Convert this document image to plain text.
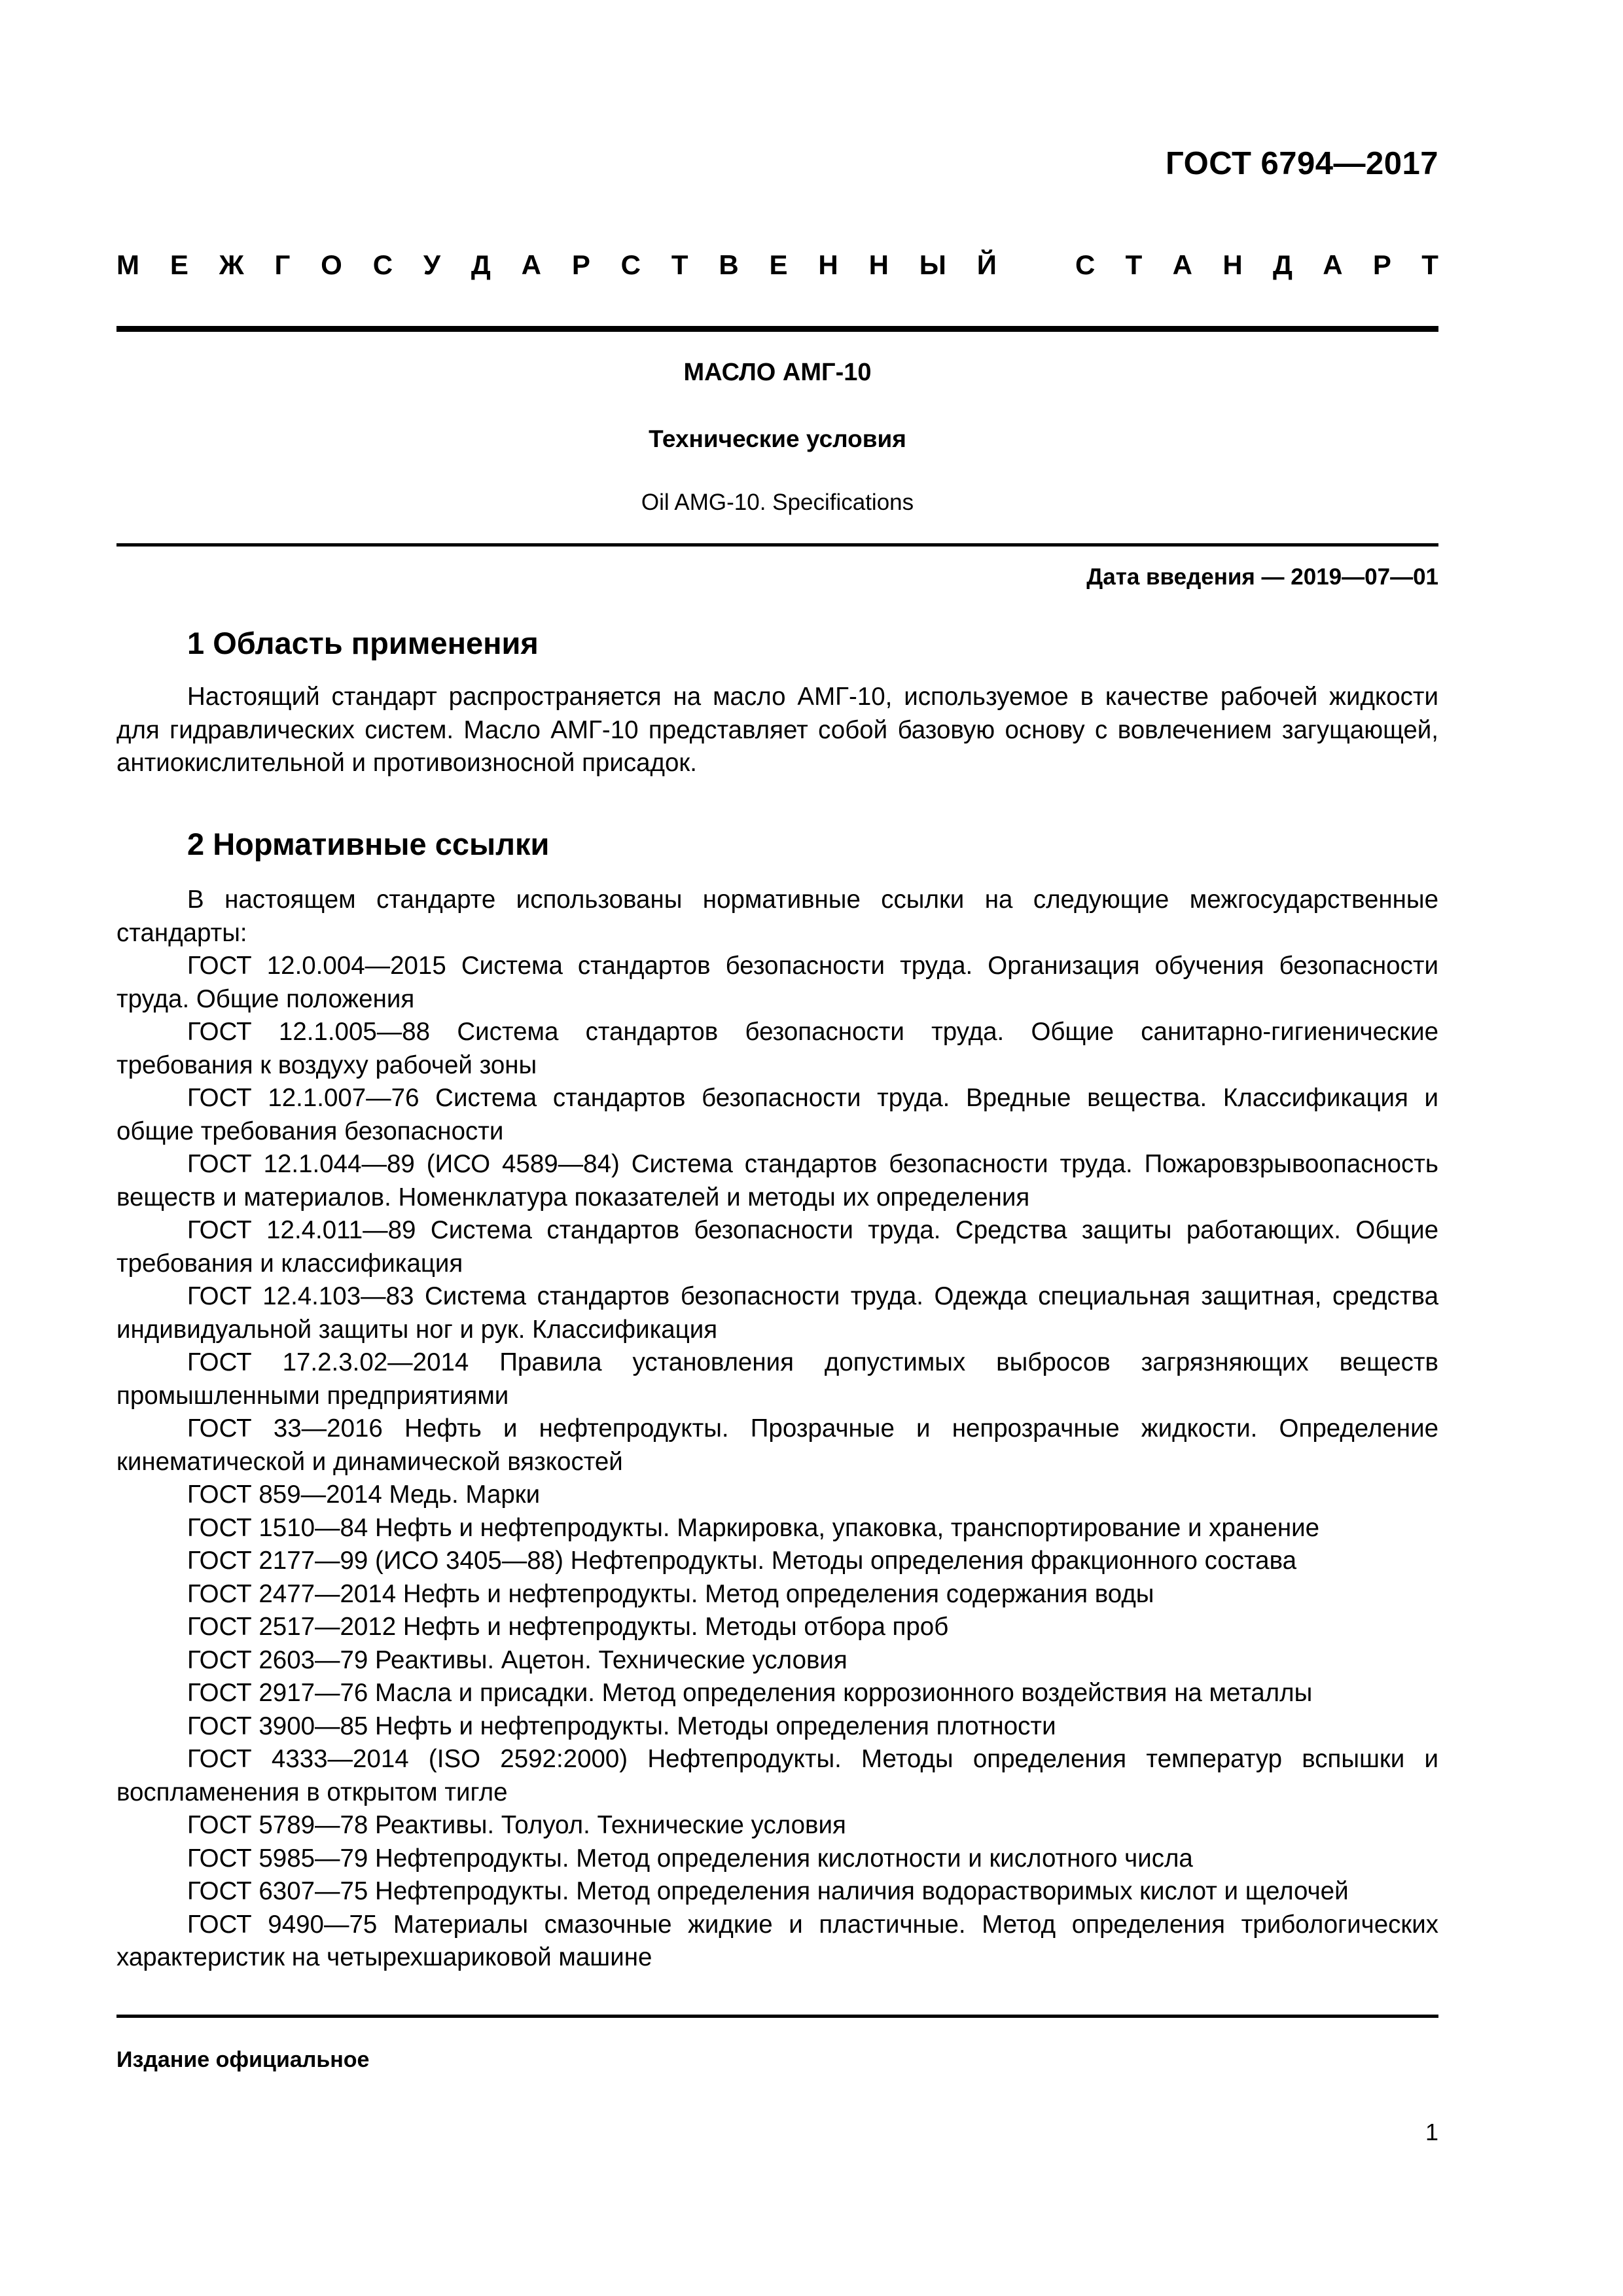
ГОСТ 6794—2017
М Е Ж Г О С У Д А Р С Т В Е Н Н Ы Й	С Т А Н Д А Р Т
МАСЛО АМГ-10
Технические условия
Oil AMG-10. Specifications
Дата введения — 2019—07—01
1 Область применения

Настоящий стандарт распространяется на масло АМГ-10, используемое в качестве рабочей жидкости для гидравлических систем. Масло АМГ-10 представляет собой базовую основу с вовлечением загущающей, антиокислительной и противоизносной присадок.

2 Нормативные ссылки

В настоящем стандарте использованы нормативные ссылки на следующие межгосударственные стандарты:

ГОСТ 12.0.004—2015 Система стандартов безопасности труда. Организация обучения безопасности труда. Общие положения

ГОСТ 12.1.005—88 Система стандартов безопасности труда. Общие санитарно-гигиенические требования к воздуху рабочей зоны

ГОСТ 12.1.007—76 Система стандартов безопасности труда. Вредные вещества. Классификация и общие требования безопасности

ГОСТ 12.1.044—89 (ИСО 4589—84) Система стандартов безопасности труда. Пожаровзрывоопасность веществ и материалов. Номенклатура показателей и методы их определения

ГОСТ 12.4.011—89 Система стандартов безопасности труда. Средства защиты работающих. Общие требования и классификация

ГОСТ 12.4.103—83 Система стандартов безопасности труда. Одежда специальная защитная, средства индивидуальной защиты ног и рук. Классификация

ГОСТ 17.2.3.02—2014 Правила установления допустимых выбросов загрязняющих веществ промышленными предприятиями

ГОСТ 33—2016 Нефть и нефтепродукты. Прозрачные и непрозрачные жидкости. Определение кинематической и динамической вязкостей

ГОСТ 859—2014 Медь. Марки

ГОСТ 1510—84 Нефть и нефтепродукты. Маркировка, упаковка, транспортирование и хранение

ГОСТ 2177—99 (ИСО 3405—88) Нефтепродукты. Методы определения фракционного состава

ГОСТ 2477—2014 Нефть и нефтепродукты. Метод определения содержания воды

ГОСТ 2517—2012 Нефть и нефтепродукты. Методы отбора проб

ГОСТ 2603—79 Реактивы. Ацетон. Технические условия

ГОСТ 2917—76 Масла и присадки. Метод определения коррозионного воздействия на металлы

ГОСТ 3900—85 Нефть и нефтепродукты. Методы определения плотности

ГОСТ 4333—2014 (ISO 2592:2000) Нефтепродукты. Методы определения температур вспышки и воспламенения в открытом тигле

ГОСТ 5789—78 Реактивы. Толуол. Технические условия

ГОСТ 5985—79 Нефтепродукты. Метод определения кислотности и кислотного числа

ГОСТ 6307—75 Нефтепродукты. Метод определения наличия водорастворимых кислот и щелочей

ГОСТ 9490—75 Материалы смазочные жидкие и пластичные. Метод определения трибологических характеристик на четырехшариковой машине

Издание официальное
1
